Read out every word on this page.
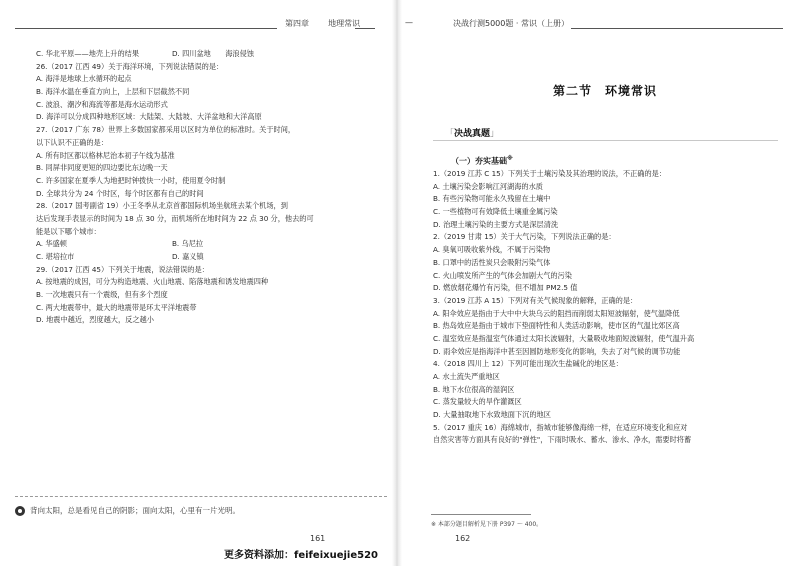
第四章 地理常识
C. 华北平原——地壳上升的结果	D. 四川盆地　　海浪侵蚀
26.（2017 江西 49）关于海洋环境，下列说法错误的是：
A. 海洋是地球上水循环的起点
B. 海洋水温在垂直方向上，上层和下层截然不同
C. 波浪、潮汐和海流等都是海水运动形式
D. 海洋可以分成四种地形区域：大陆架、大陆坡、大洋盆地和大洋高原
27.（2017 广东 78）世界上多数国家都采用以区时为单位的标准时。关于时间，
以下认识不正确的是：
A. 所有时区都以格林尼治本初子午线为基准
B. 同屏非同度更短的四边要比东边晚一天
C. 许多国家在夏季人为地把时钟拨快一小时，使用夏令时制
D. 全球共分为 24 个时区，每个时区都有自己的时间
28.（2017 国考副省 19）小王冬季从北京首都国际机场坐航班去某个机场，到
达后发现手表显示的时间为 18 点 30 分，而机场所在地时间为 22 点 30 分，他去的可
能是以下哪个城市：
A. 华盛顿	B. 乌尼拉
C. 堪培拉市	D. 嘉义镇
29.（2017 江西 45）下列关于地震，说法错误的是：
A. 按地震的成因，可分为构造地震、火山地震、陷落地震和诱发地震四种
B. 一次地震只有一个震级，但有多个烈度
C. 两大地震带中，最大的地震带是环太平洋地震带
D. 地震中越近，烈度越大，反之越小
背向太阳，总是看见自己的阴影；面向太阳，心里有一片光明。
161
—	决战行测5000题 · 常识（上册）
第二节　环境常识
「决战真题」
（一）夯实基础※
1.（2019 江苏 C 15）下列关于土壤污染及其治理的说法，不正确的是：
A. 土壤污染会影响江河湖海的水质
B. 有些污染物可能永久残留在土壤中
C. 一些植物可有效降低土壤重金属污染
D. 治理土壤污染的主要方式是深层清洗
2.（2019 甘肃 15）关于大气污染，下列说法正确的是：
A. 臭氧可吸收紫外线，不属于污染物
B. 口罩中的活性炭只会吸附污染气体
C. 火山喷发所产生的气体会加剧大气的污染
D. 燃放烟花爆竹有污染，但不增加 PM2.5 值
3.（2019 江苏 A 15）下列对有关气候现象的解释，正确的是：
A. 阳伞效应是指由于大中中大块乌云的阻挡而削弱太阳短波辐射，使气温降低
B. 热岛效应是指由于城市下垫面特性和人类活动影响，使市区的气温比郊区高
C. 温室效应是指温室气体通过太阳长波辐射，大量吸收地面短波辐射，使气温升高
D. 雨伞效应是指海洋中甚至因圆防地形变化的影响，失去了对气候的调节功能
4.（2018 四川上 12）下列可能出现次生盐碱化的地区是：
A. 水土流失严重地区
B. 地下水位很高的湿润区
C. 蒸发量较大的旱作灌溉区
D. 大量抽取地下水致地面下沉的地区
5.（2017 重庆 16）海绵城市，指城市能够像海绵一样，在适应环境变化和应对
自然灾害等方面具有良好的"弹性"，下雨时吸水、蓄水、渗水、净水，需要时将蓄
※ 本部分题目解析见下册 P397 ～ 400。
162
更多资料添加：feifeixuejie520
